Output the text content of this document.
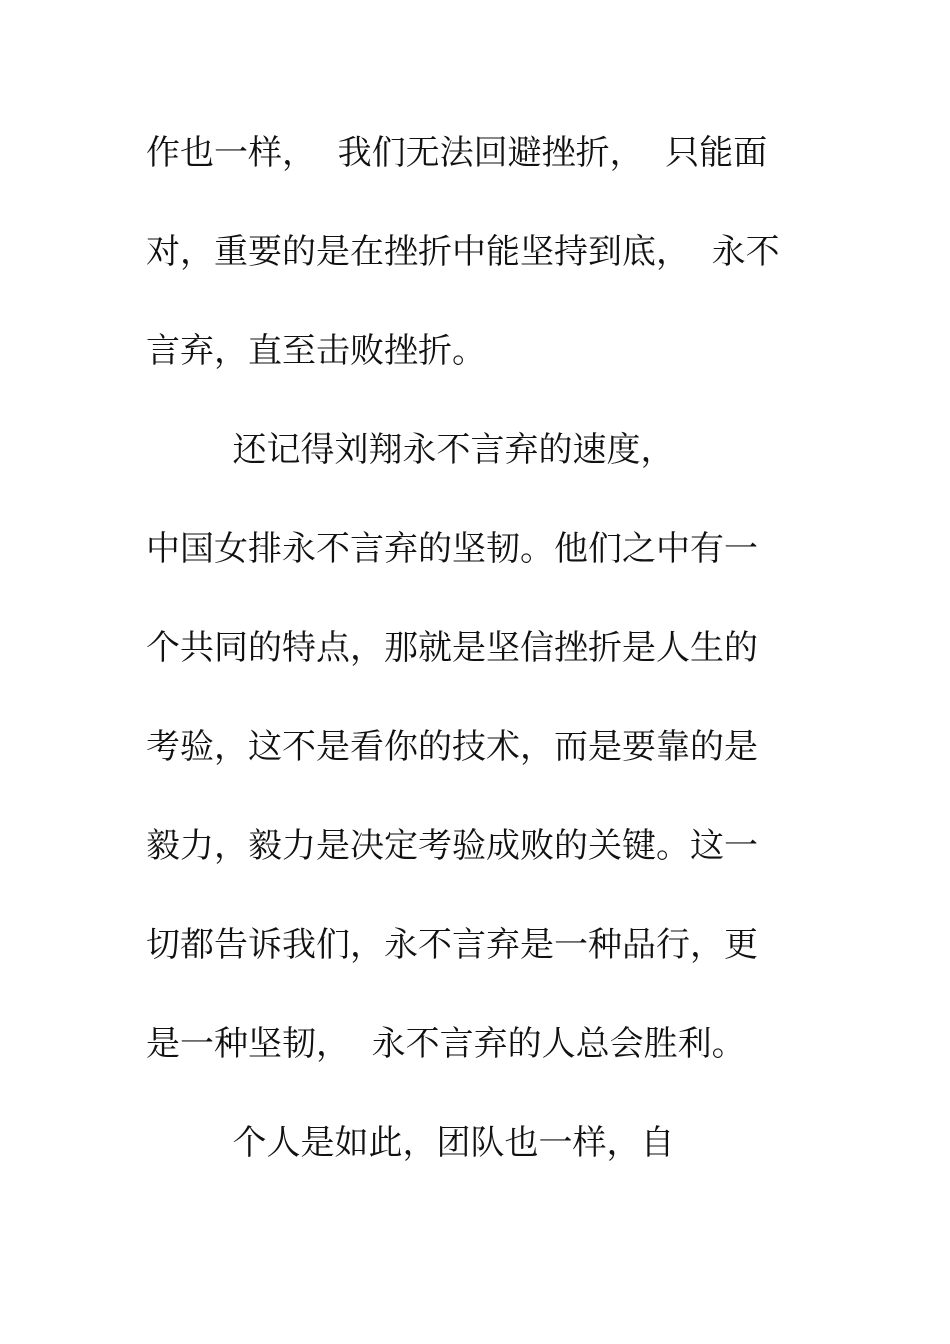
作也一样，  我们无法回避挫折，  只能面
对，重要的是在挫折中能坚持到底，  永不
言弃，直至击败挫折。
还记得刘翔永不言弃的速度，
中国女排永不言弃的坚韧。他们之中有一
个共同的特点，那就是坚信挫折是人生的
考验，这不是看你的技术，而是要靠的是
毅力，毅力是决定考验成败的关键。这一
切都告诉我们，永不言弃是一种品行，更
是一种坚韧，  永不言弃的人总会胜利。
个人是如此，团队也一样，自
